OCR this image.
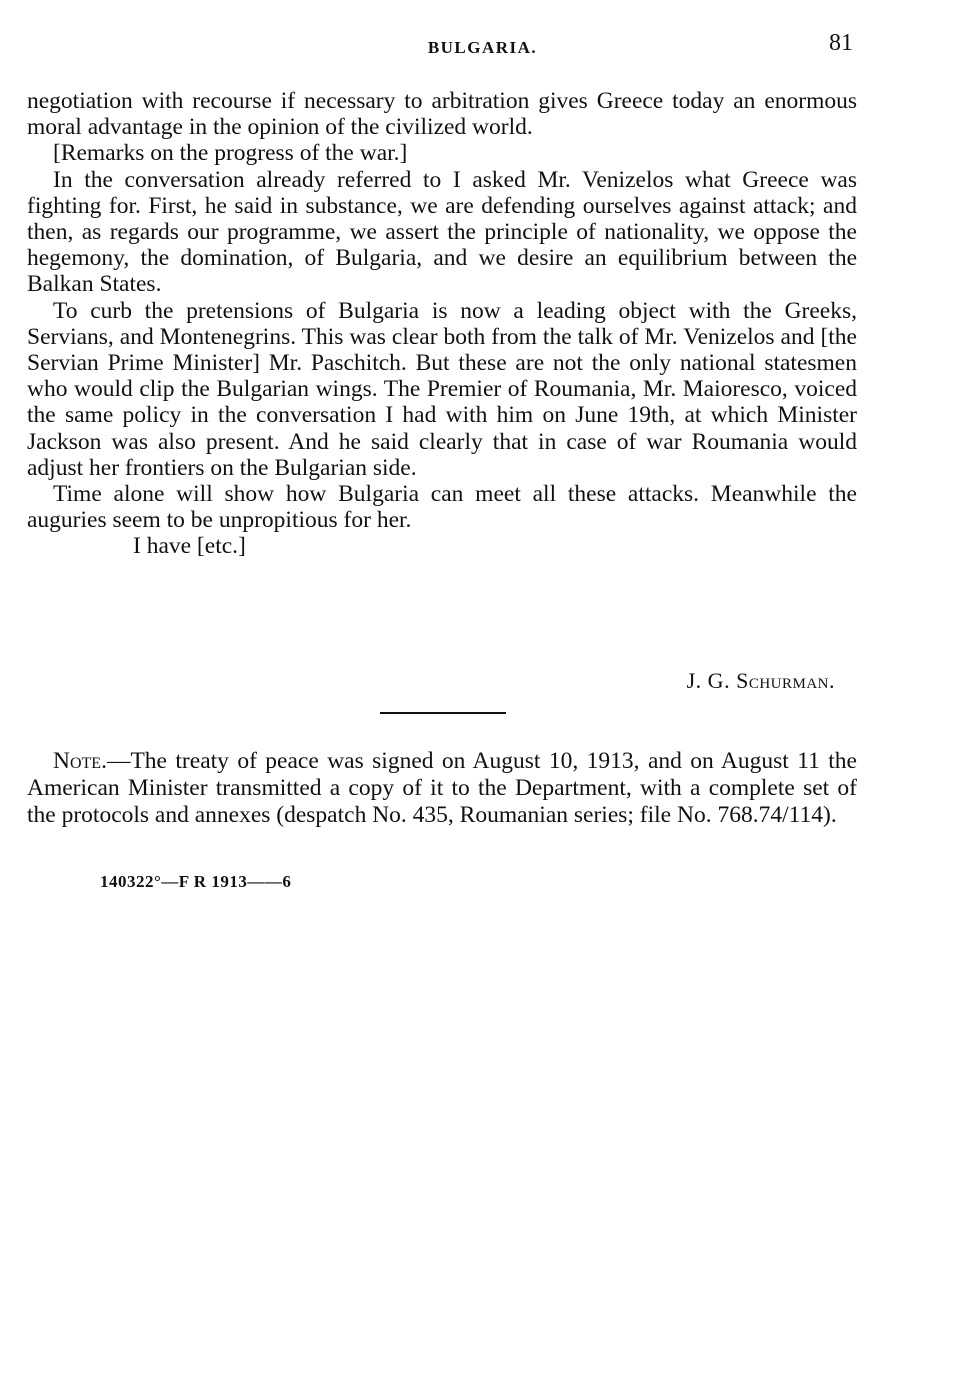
BULGARIA.	81

negotiation with recourse if necessary to arbitration gives Greece today an enormous moral advantage in the opinion of the civilized world.

[Remarks on the progress of the war.]

In the conversation already referred to I asked Mr. Venizelos what Greece was fighting for. First, he said in substance, we are defending ourselves against attack; and then, as regards our programme, we assert the principle of nationality, we oppose the hegemony, the domination, of Bulgaria, and we desire an equilibrium between the Balkan States.

To curb the pretensions of Bulgaria is now a leading object with the Greeks, Servians, and Montenegrins. This was clear both from the talk of Mr. Venizelos and [the Servian Prime Minister] Mr. Paschitch. But these are not the only national statesmen who would clip the Bulgarian wings. The Premier of Roumania, Mr. Maioresco, voiced the same policy in the conversation I had with him on June 19th, at which Minister Jackson was also present. And he said clearly that in case of war Roumania would adjust her frontiers on the Bulgarian side.

Time alone will show how Bulgaria can meet all these attacks. Meanwhile the auguries seem to be unpropitious for her.

I have [etc.]

J. G. Schurman.

Note.—The treaty of peace was signed on August 10, 1913, and on August 11 the American Minister transmitted a copy of it to the Department, with a complete set of the protocols and annexes (despatch No. 435, Roumanian series; file No. 768.74/114).

140322°—F R 1913——6
